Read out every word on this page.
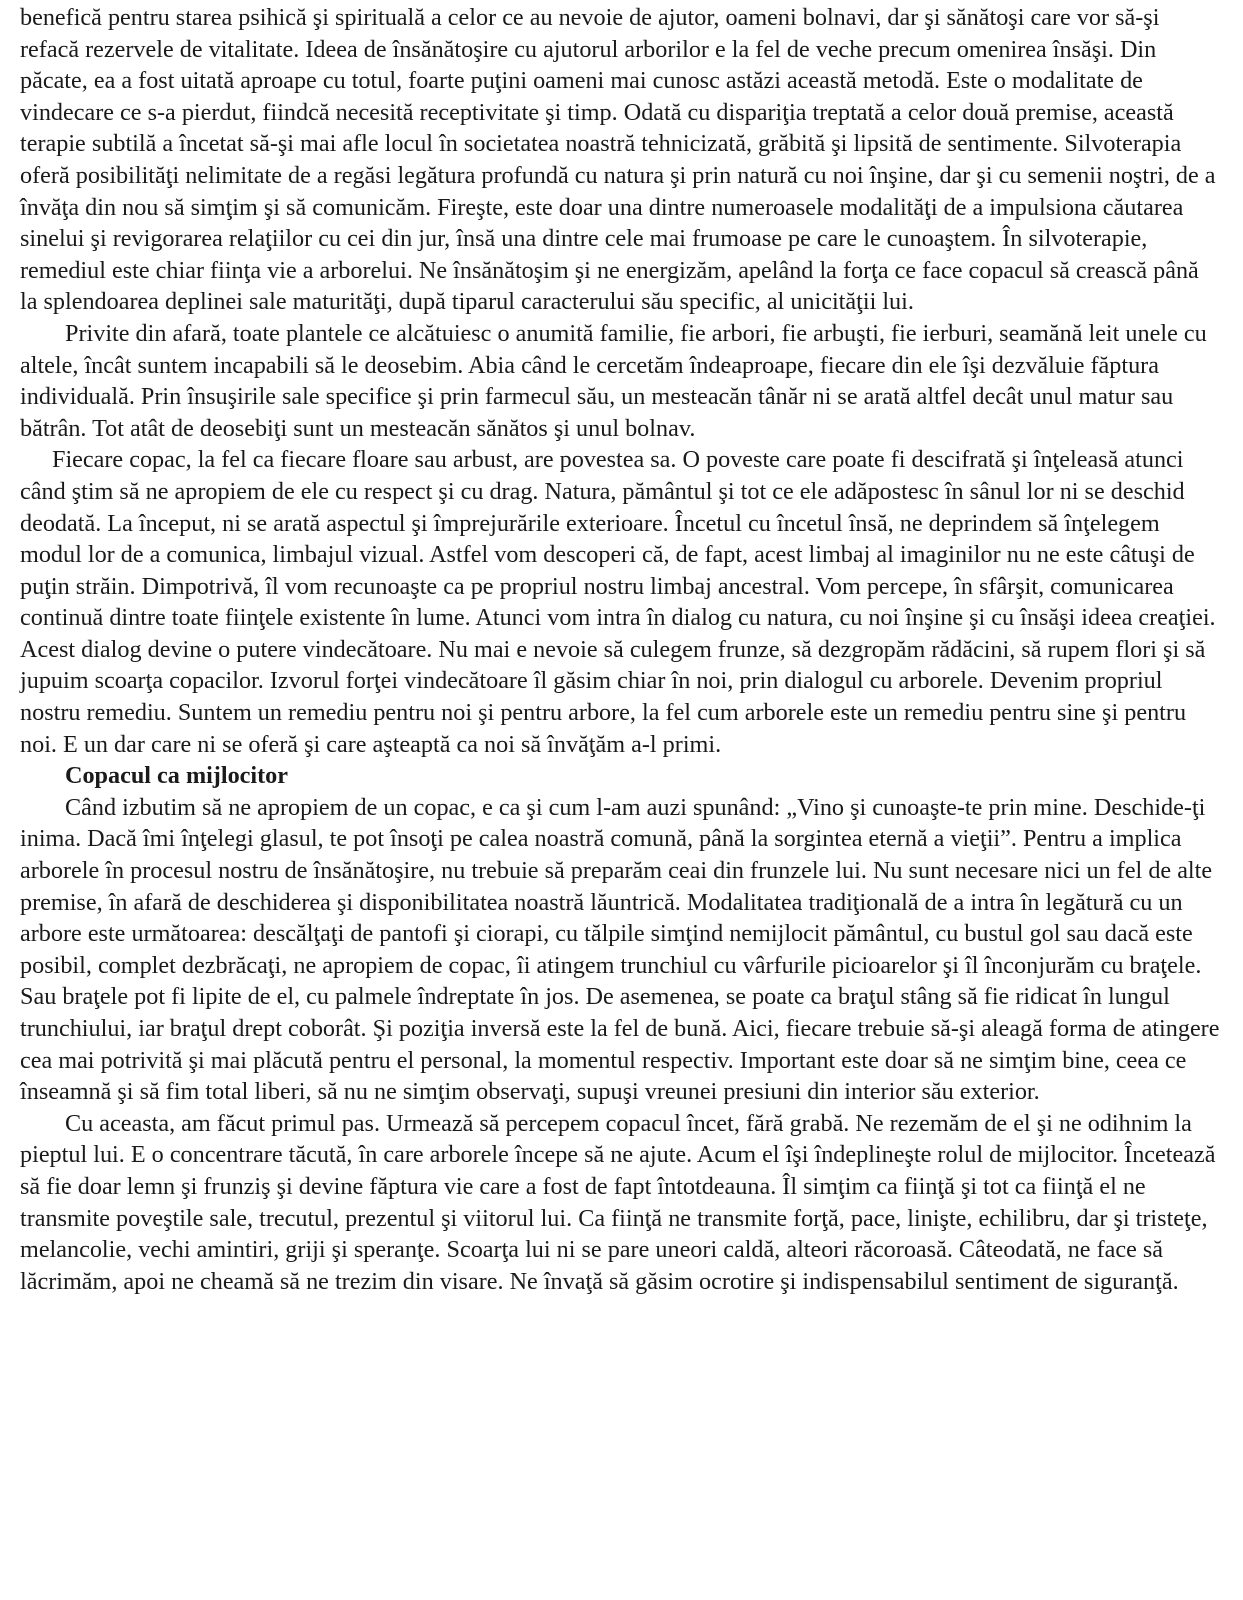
benefică pentru starea psihică şi spirituală a celor ce au nevoie de ajutor, oameni bolnavi, dar şi sănătoşi care vor să-şi refacă rezervele de vitalitate. Ideea de însănătoşire cu ajutorul arborilor e la fel de veche precum omenirea însăşi. Din păcate, ea a fost uitată aproape cu totul, foarte puţini oameni mai cunosc astăzi această metodă. Este o modalitate de vindecare ce s-a pierdut, fiindcă necesită receptivitate şi timp. Odată cu dispariţia treptată a celor două premise, această terapie subtilă a încetat să-şi mai afle locul în societatea noastră tehnicizată, grăbită şi lipsită de sentimente. Silvoterapia oferă posibilităţi nelimitate de a regăsi legătura profundă cu natura şi prin natură cu noi înşine, dar şi cu semenii noştri, de a învăţa din nou să simţim şi să comunicăm. Fireşte, este doar una dintre numeroasele modalităţi de a impulsiona căutarea sinelui şi revigorarea relaţiilor cu cei din jur, însă una dintre cele mai frumoase pe care le cunoaştem. În silvoterapie, remediul este chiar fiinţa vie a arborelui. Ne însănătoşim şi ne energizăm, apelând la forţa ce face copacul să crească până la splendoarea deplinei sale maturităţi, după tiparul caracterului său specific, al unicităţii lui.

Privite din afară, toate plantele ce alcătuiesc o anumită familie, fie arbori, fie arbuşti, fie ierburi, seamănă leit unele cu altele, încât suntem incapabili să le deosebim. Abia când le cercetăm îndeaproape, fiecare din ele îşi dezvăluie făptura individuală. Prin însuşirile sale specifice şi prin farmecul său, un mesteacăn tânăr ni se arată altfel decât unul matur sau bătrân. Tot atât de deosebiţi sunt un mesteacăn sănătos şi unul bolnav.

Fiecare copac, la fel ca fiecare floare sau arbust, are povestea sa. O poveste care poate fi descifrată şi înţeleasă atunci când ştim să ne apropiem de ele cu respect şi cu drag. Natura, pământul şi tot ce ele adăpostesc în sânul lor ni se deschid deodată. La început, ni se arată aspectul şi împrejurările exterioare. Încetul cu încetul însă, ne deprindem să înţelegem modul lor de a comunica, limbajul vizual. Astfel vom descoperi că, de fapt, acest limbaj al imaginilor nu ne este câtuşi de puţin străin. Dimpotrivă, îl vom recunoaşte ca pe propriul nostru limbaj ancestral. Vom percepe, în sfârşit, comunicarea continuă dintre toate fiinţele existente în lume. Atunci vom intra în dialog cu natura, cu noi înşine şi cu însăşi ideea creaţiei. Acest dialog devine o putere vindecătoare. Nu mai e nevoie să culegem frunze, să dezgropăm rădăcini, să rupem flori şi să jupuim scoarţa copacilor. Izvorul forţei vindecătoare îl găsim chiar în noi, prin dialogul cu arborele. Devenim propriul nostru remediu. Suntem un remediu pentru noi şi pentru arbore, la fel cum arborele este un remediu pentru sine şi pentru noi. E un dar care ni se oferă şi care aşteaptă ca noi să învăţăm a-l primi.

Copacul ca mijlocitor

Când izbutim să ne apropiem de un copac, e ca şi cum l-am auzi spunând: „Vino şi cunoaşte-te prin mine. Deschide-ţi inima. Dacă îmi înţelegi glasul, te pot însoţi pe calea noastră comună, până la sorgintea eternă a vieţii”. Pentru a implica arborele în procesul nostru de însănătoşire, nu trebuie să preparăm ceai din frunzele lui. Nu sunt necesare nici un fel de alte premise, în afară de deschiderea şi disponibilitatea noastră lăuntrică. Modalitatea tradiţională de a intra în legătură cu un arbore este următoarea: descălţaţi de pantofi şi ciorapi, cu tălpile simţind nemijlocit pământul, cu bustul gol sau dacă este posibil, complet dezbrăcaţi, ne apropiem de copac, îi atingem trunchiul cu vârfurile picioarelor şi îl înconjurăm cu braţele. Sau braţele pot fi lipite de el, cu palmele îndreptate în jos. De asemenea, se poate ca braţul stâng să fie ridicat în lungul trunchiului, iar braţul drept coborât. Şi poziţia inversă este la fel de bună. Aici, fiecare trebuie să-şi aleagă forma de atingere cea mai potrivită şi mai plăcută pentru el personal, la momentul respectiv. Important este doar să ne simţim bine, ceea ce înseamnă şi să fim total liberi, să nu ne simţim observaţi, supuşi vreunei presiuni din interior său exterior.

Cu aceasta, am făcut primul pas. Urmează să percepem copacul încet, fără grabă. Ne rezemăm de el şi ne odihnim la pieptul lui. E o concentrare tăcută, în care arborele începe să ne ajute. Acum el îşi îndeplineşte rolul de mijlocitor. Încetează să fie doar lemn şi frunziş şi devine făptura vie care a fost de fapt întotdeauna. Îl simţim ca fiinţă şi tot ca fiinţă el ne transmite poveştile sale, trecutul, prezentul şi viitorul lui. Ca fiinţă ne transmite forţă, pace, linişte, echilibru, dar şi tristeţe, melancolie, vechi amintiri, griji şi speranţe. Scoarţa lui ni se pare uneori caldă, alteori răcoroasă. Câteodată, ne face să lăcrimăm, apoi ne cheamă să ne trezim din visare. Ne învaţă să găsim ocrotire şi indispensabilul sentiment de siguranţă.
